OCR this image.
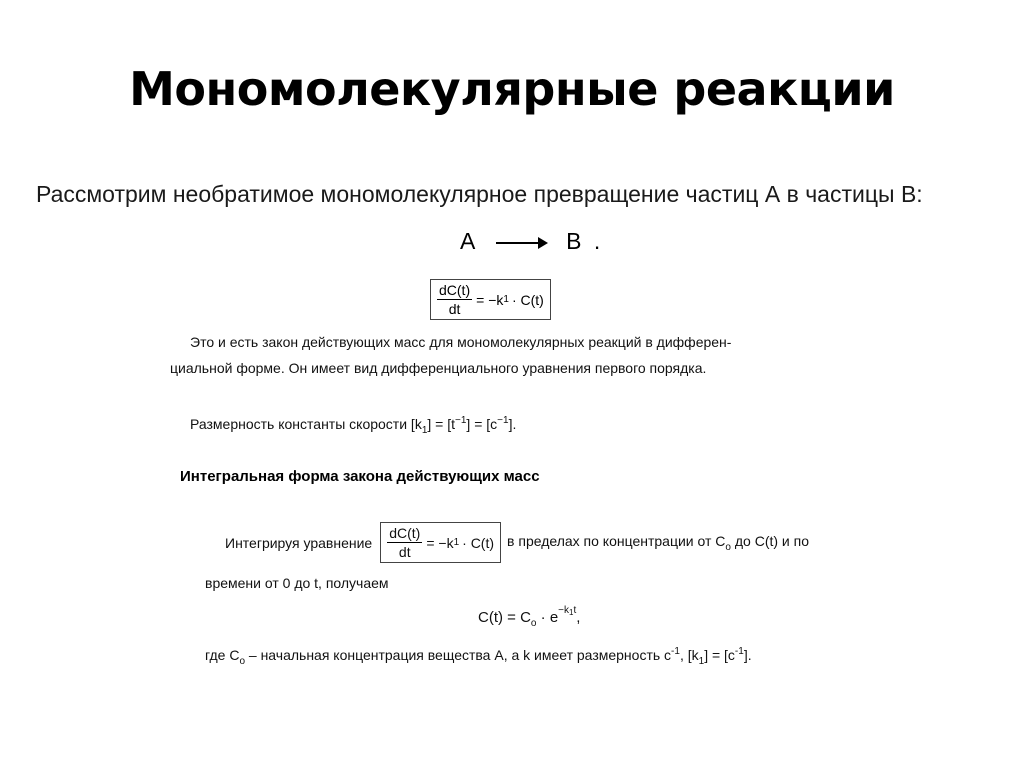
Мономолекулярные реакции
Рассмотрим необратимое мономолекулярное превращение частиц А в частицы В:
А	В .
$\frac{dC(t)}{dt} = -k$ 1 · C(t)
Это и есть закон действующих масс для мономолекулярных реакций в дифферен-
циальной форме. Он имеет вид дифференциального уравнения первого порядка.
Размерность константы скорости $[k_1] = [t^{-1}] = [c^{-1}]$.
Интегральная форма закона действующих масс
Интегрируя уравнение $\frac{dC(t)}{dt} = -k$ 1 · C(t) в пределах по концентрации от $C_o$ до C(t) и по
времени от 0 до t, получаем
$C(t) = C_o \cdot e^{-k_1t}$,
где $C_o$ – начальная концентрация вещества А, а k имеет размерность $c^{-1}$, $[k_1] = [c^{-1}]$.
